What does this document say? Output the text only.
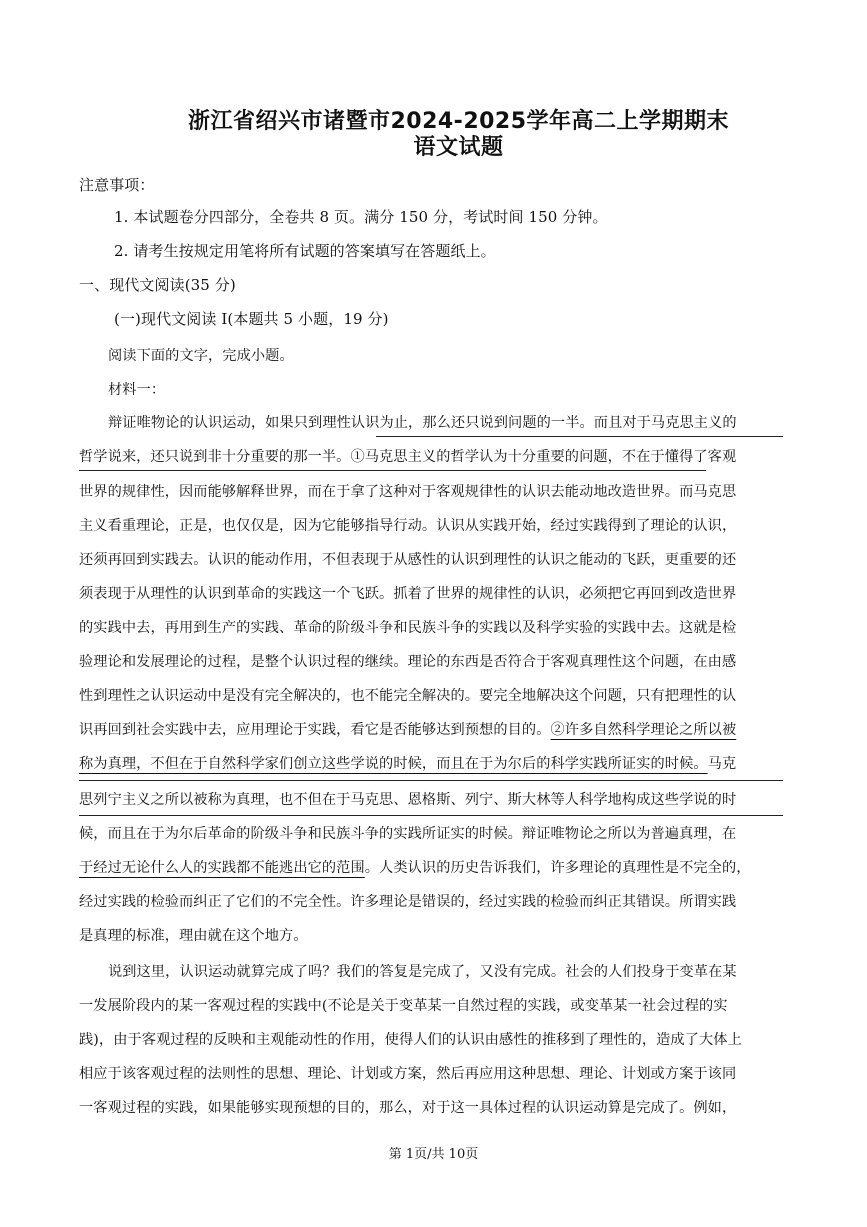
浙江省绍兴市诸暨市2024-2025学年高二上学期期末
语文试题
注意事项：
1. 本试题卷分四部分，全卷共 8 页。满分 150 分，考试时间 150 分钟。
2. 请考生按规定用笔将所有试题的答案填写在答题纸上。
一、现代文阅读(35 分)
(一)现代文阅读 I(本题共 5 小题，19 分)
阅读下面的文字，完成小题。
材料一：
辩证唯物论的认识运动，如果只到理性认识为止，那么还只说到问题的一半。而且对于马克思主义的
哲学说来，还只说到非十分重要的那一半。①马克思主义的哲学认为十分重要的问题，不在于懂得了客观
世界的规律性，因而能够解释世界，而在于拿了这种对于客观规律性的认识去能动地改造世界。而马克思
主义看重理论，正是，也仅仅是，因为它能够指导行动。认识从实践开始，经过实践得到了理论的认识，
还须再回到实践去。认识的能动作用，不但表现于从感性的认识到理性的认识之能动的飞跃，更重要的还
须表现于从理性的认识到革命的实践这一个飞跃。抓着了世界的规律性的认识，必须把它再回到改造世界
的实践中去，再用到生产的实践、革命的阶级斗争和民族斗争的实践以及科学实验的实践中去。这就是检
验理论和发展理论的过程，是整个认识过程的继续。理论的东西是否符合于客观真理性这个问题，在由感
性到理性之认识运动中是没有完全解决的，也不能完全解决的。要完全地解决这个问题，只有把理性的认
识再回到社会实践中去，应用理论于实践，看它是否能够达到预想的目的。②许多自然科学理论之所以被
称为真理，不但在于自然科学家们创立这些学说的时候，而且在于为尔后的科学实践所证实的时候。马克
思列宁主义之所以被称为真理，也不但在于马克思、恩格斯、列宁、斯大林等人科学地构成这些学说的时
候，而且在于为尔后革命的阶级斗争和民族斗争的实践所证实的时候。辩证唯物论之所以为普遍真理，在
于经过无论什么人的实践都不能逃出它的范围。人类认识的历史告诉我们，许多理论的真理性是不完全的，
经过实践的检验而纠正了它们的不完全性。许多理论是错误的，经过实践的检验而纠正其错误。所谓实践
是真理的标准，理由就在这个地方。
说到这里，认识运动就算完成了吗？我们的答复是完成了，又没有完成。社会的人们投身于变革在某
一发展阶段内的某一客观过程的实践中(不论是关于变革某一自然过程的实践，或变革某一社会过程的实
践)，由于客观过程的反映和主观能动性的作用，使得人们的认识由感性的推移到了理性的，造成了大体上
相应于该客观过程的法则性的思想、理论、计划或方案，然后再应用这种思想、理论、计划或方案于该同
一客观过程的实践，如果能够实现预想的目的，那么，对于这一具体过程的认识运动算是完成了。例如，
第 1页/共 10页
